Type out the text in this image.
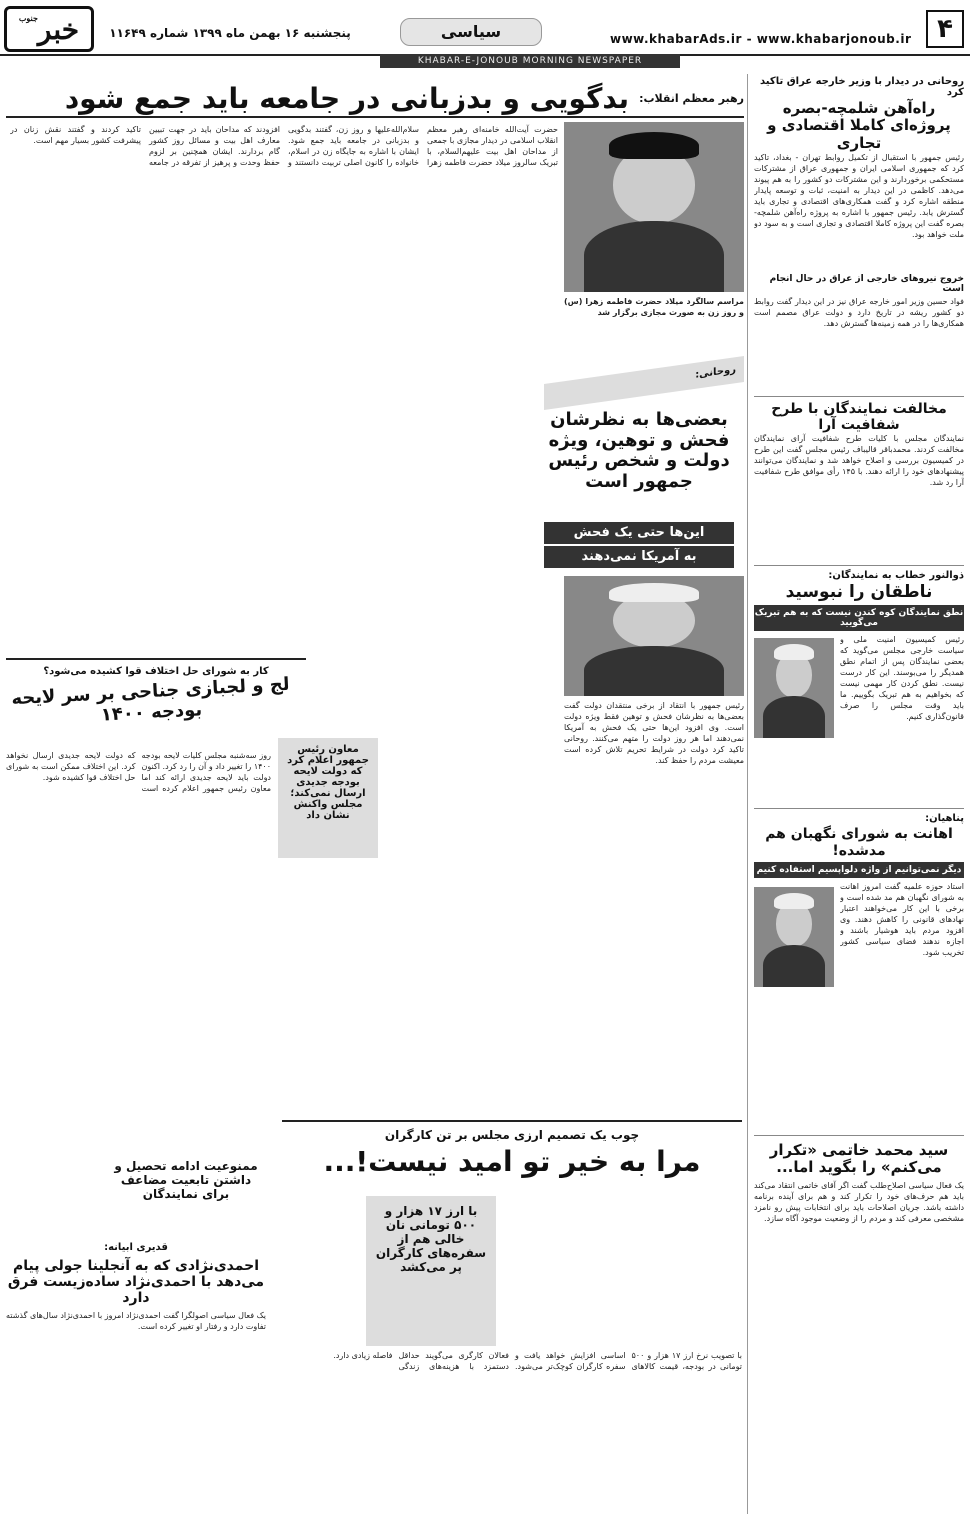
خبر
جنوب
پنجشنبه ۱۶ بهمن ماه ۱۳۹۹ شماره ۱۱۶۴۹	سیاسی	www.khabarAds.ir - www.khabarjonoub.ir ۴
KHABAR-E-JONOUB MORNING NEWSPAPER
روحانی در دیدار با وزیر خارجه عراق تاکید کرد
راه‌آهن شلمچه-بصره پروژه‌ای کاملا اقتصادی و تجاری
رئیس جمهور با استقبال از تکمیل روابط تهران - بغداد، تاکید کرد که جمهوری اسلامی ایران و جمهوری عراق از مشترکات مستحکمی برخوردارند و این مشترکات دو کشور را به هم پیوند می‌دهد. کاظمی در این دیدار به امنیت، ثبات و توسعه پایدار منطقه اشاره کرد و گفت همکاری‌های اقتصادی و تجاری باید گسترش یابد. رئیس جمهور با اشاره به پروژه راه‌آهن شلمچه-بصره گفت این پروژه کاملا اقتصادی و تجاری است و به سود دو ملت خواهد بود.
خروج نیروهای خارجی از عراق در حال انجام است
فواد حسین وزیر امور خارجه عراق نیز در این دیدار گفت روابط دو کشور ریشه در تاریخ دارد و دولت عراق مصمم است همکاری‌ها را در همه زمینه‌ها گسترش دهد.
مخالفت نمایندگان با طرح شفافیت آرا
نمایندگان مجلس با کلیات طرح شفافیت آرای نمایندگان مخالفت کردند. محمدباقر قالیباف رئیس مجلس گفت این طرح در کمیسیون بررسی و اصلاح خواهد شد و نمایندگان می‌توانند پیشنهادهای خود را ارائه دهند. با ۱۴۵ رأی موافق طرح شفافیت آرا رد شد.
ذوالنور خطاب به نمایندگان:
ناطقان را نبوسید
نطق نمایندگان کوه کندن نیست که به هم تبریک می‌گویید
رئیس کمیسیون امنیت ملی و سیاست خارجی مجلس می‌گوید که بعضی نمایندگان پس از اتمام نطق همدیگر را می‌بوسند. این کار درست نیست. نطق کردن کار مهمی نیست که بخواهیم به هم تبریک بگوییم. ما باید وقت مجلس را صرف قانون‌گذاری کنیم.
پناهیان:
اهانت به شورای نگهبان هم مدشده!
دیگر نمی‌توانیم از واژه دلواپسیم استفاده کنیم
استاد حوزه علمیه گفت امروز اهانت به شورای نگهبان هم مد شده است و برخی با این کار می‌خواهند اعتبار نهادهای قانونی را کاهش دهند. وی افزود مردم باید هوشیار باشند و اجازه ندهند فضای سیاسی کشور تخریب شود.
سید محمد خاتمی «تکرار می‌کنم» را بگوید اما...
یک فعال سیاسی اصلاح‌طلب گفت اگر آقای خاتمی انتقاد می‌کند باید هم حرف‌های خود را تکرار کند و هم برای آینده برنامه داشته باشد. جریان اصلاحات باید برای انتخابات پیش رو نامزد مشخصی معرفی کند و مردم را از وضعیت موجود آگاه سازد.
رهبر معظم انقلاب:
بدگویی و بدزبانی در جامعه باید جمع شود
مراسم سالگرد میلاد حضرت فاطمه زهرا (س) و روز زن به صورت مجازی برگزار شد
حضرت آیت‌الله خامنه‌ای رهبر معظم انقلاب اسلامی در دیدار مجازی با جمعی از مداحان اهل بیت علیهم‌السلام، با تبریک سالروز میلاد حضرت فاطمه زهرا سلام‌الله‌علیها و روز زن، گفتند بدگویی و بدزبانی در جامعه باید جمع شود. ایشان با اشاره به جایگاه زن در اسلام، خانواده را کانون اصلی تربیت دانستند و افزودند که مداحان باید در جهت تبیین معارف اهل بیت و مسائل روز کشور گام بردارند. ایشان همچنین بر لزوم حفظ وحدت و پرهیز از تفرقه در جامعه تاکید کردند و گفتند نقش زنان در پیشرفت کشور بسیار مهم است.
روحانی:
بعضی‌ها به نظرشان فحش و توهین، ویژه دولت و شخص رئیس جمهور است
این‌ها حتی یک فحش
به آمریکا نمی‌دهند
رئیس جمهور با انتقاد از برخی منتقدان دولت گفت بعضی‌ها به نظرشان فحش و توهین فقط ویژه دولت است. وی افزود این‌ها حتی یک فحش به آمریکا نمی‌دهند اما هر روز دولت را متهم می‌کنند. روحانی تاکید کرد دولت در شرایط تحریم تلاش کرده است معیشت مردم را حفظ کند.
کار به شورای حل اختلاف قوا کشیده می‌شود؟
لج و لجبازی جناحی بر سر لایحه بودجه ۱۴۰۰
معاون رئیس جمهور اعلام کرد که دولت لایحه بودجه جدیدی ارسال نمی‌کند؛ مجلس واکنش نشان داد
روز سه‌شنبه مجلس کلیات لایحه بودجه ۱۴۰۰ را تغییر داد و آن را رد کرد. اکنون دولت باید لایحه جدیدی ارائه کند اما معاون رئیس جمهور اعلام کرده است که دولت لایحه جدیدی ارسال نخواهد کرد. این اختلاف ممکن است به شورای حل اختلاف قوا کشیده شود.
ممنوعیت ادامه تحصیل و داشتن تابعیت مضاعف برای نمایندگان
قدیری ابیانه:
احمدی‌نژادی که به آنجلینا جولی پیام می‌دهد با احمدی‌نژاد ساده‌زیست فرق دارد
یک فعال سیاسی اصولگرا گفت احمدی‌نژاد امروز با احمدی‌نژاد سال‌های گذشته تفاوت دارد و رفتار او تغییر کرده است.
چوب یک تصمیم ارزی مجلس بر تن کارگران
مرا به خیر تو امید نیست!...
با ارز ۱۷ هزار و ۵۰۰ تومانی نان خالی هم از سفره‌های کارگران پر می‌کشد
با تصویب نرخ ارز ۱۷ هزار و ۵۰۰ تومانی در بودجه، قیمت کالاهای اساسی افزایش خواهد یافت و سفره کارگران کوچک‌تر می‌شود. فعالان کارگری می‌گویند حداقل دستمزد با هزینه‌های زندگی فاصله زیادی دارد.
